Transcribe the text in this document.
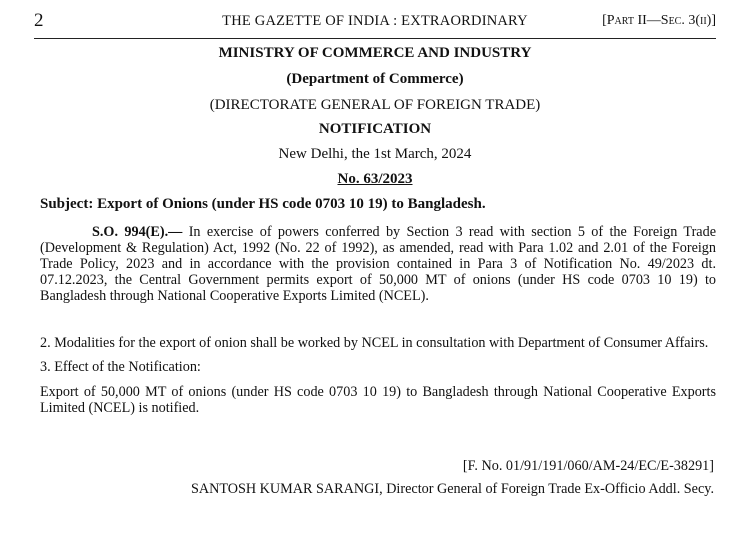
2	THE GAZETTE OF INDIA : EXTRAORDINARY	[Part II—Sec. 3(ii)]
MINISTRY OF COMMERCE AND INDUSTRY
(Department of Commerce)
(DIRECTORATE GENERAL OF FOREIGN TRADE)
NOTIFICATION
New Delhi, the 1st March, 2024
No. 63/2023
Subject: Export of Onions (under HS code 0703 10 19) to Bangladesh.
S.O. 994(E).— In exercise of powers conferred by Section 3 read with section 5 of the Foreign Trade (Development & Regulation) Act, 1992 (No. 22 of 1992), as amended, read with Para 1.02 and 2.01 of the Foreign Trade Policy, 2023 and in accordance with the provision contained in Para 3 of Notification No. 49/2023 dt. 07.12.2023, the Central Government permits export of 50,000 MT of onions (under HS code 0703 10 19) to Bangladesh through National Cooperative Exports Limited (NCEL).
2. Modalities for the export of onion shall be worked by NCEL in consultation with Department of Consumer Affairs.
3. Effect of the Notification:
Export of 50,000 MT of onions (under HS code 0703 10 19) to Bangladesh through National Cooperative Exports Limited (NCEL) is notified.
[F. No. 01/91/191/060/AM-24/EC/E-38291]
SANTOSH KUMAR SARANGI, Director General of Foreign Trade Ex-Officio Addl. Secy.
